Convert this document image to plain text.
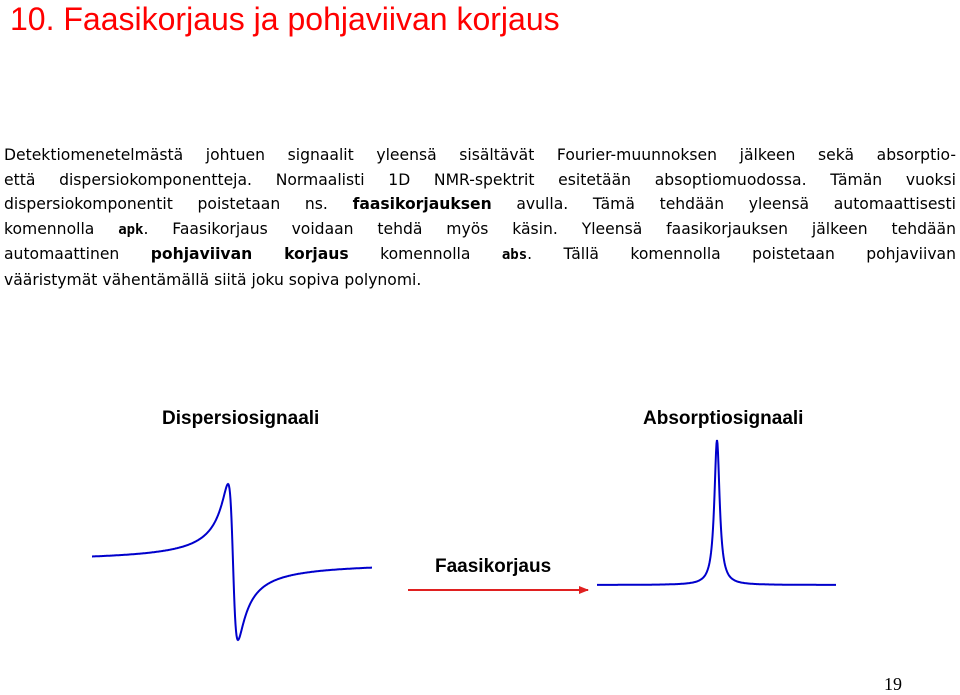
10. Faasikorjaus ja pohjaviivan korjaus
Detektiomenetelmästä johtuen signaalit yleensä sisältävät Fourier-muunnoksen jälkeen sekä absorptio-
että dispersiokomponentteja. Normaalisti 1D NMR-spektrit esitetään absoptiomuodossa. Tämän vuoksi
dispersiokomponentit poistetaan ns. faasikorjauksen avulla. Tämä tehdään yleensä automaattisesti
komennolla apk. Faasikorjaus voidaan tehdä myös käsin. Yleensä faasikorjauksen jälkeen tehdään
automaattinen pohjaviivan korjaus komennolla abs. Tällä komennolla poistetaan pohjaviivan
vääristymät vähentämällä siitä joku sopiva polynomi.
Dispersiosignaali	Absorptiosignaali
Faasikorjaus
19
